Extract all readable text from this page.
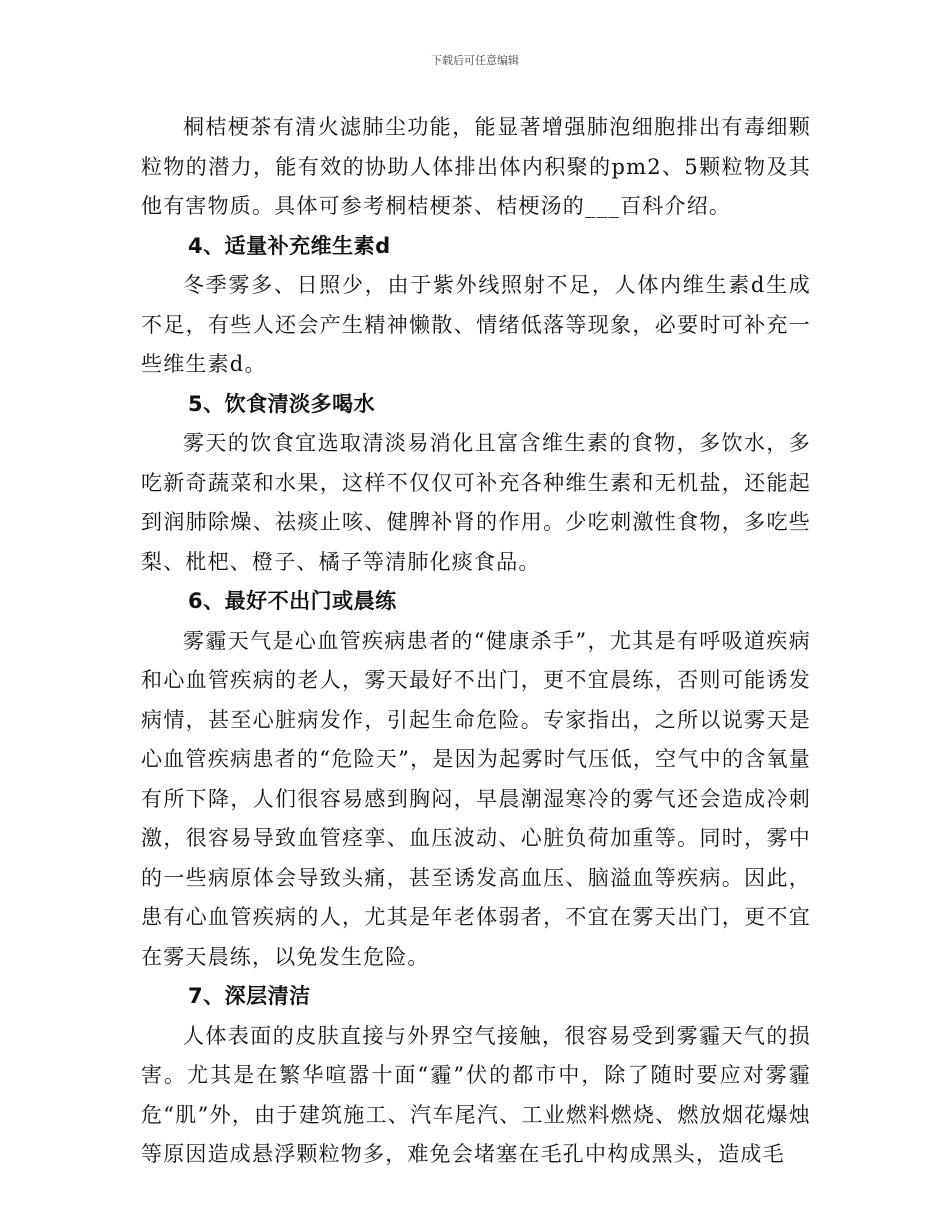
下载后可任意编辑

桐桔梗茶有清火滤肺尘功能，能显著增强肺泡细胞排出有毒细颗粒物的潜力，能有效的协助人体排出体内积聚的pm2、5颗粒物及其他有害物质。具体可参考桐桔梗茶、桔梗汤的___百科介绍。

4、适量补充维生素d

冬季雾多、日照少，由于紫外线照射不足，人体内维生素d生成不足，有些人还会产生精神懒散、情绪低落等现象，必要时可补充一些维生素d。

5、饮食清淡多喝水

雾天的饮食宜选取清淡易消化且富含维生素的食物，多饮水，多吃新奇蔬菜和水果，这样不仅仅可补充各种维生素和无机盐，还能起到润肺除燥、祛痰止咳、健脾补肾的作用。少吃刺激性食物，多吃些梨、枇杷、橙子、橘子等清肺化痰食品。

6、最好不出门或晨练

雾霾天气是心血管疾病患者的“健康杀手”，尤其是有呼吸道疾病和心血管疾病的老人，雾天最好不出门，更不宜晨练，否则可能诱发病情，甚至心脏病发作，引起生命危险。专家指出，之所以说雾天是心血管疾病患者的“危险天”，是因为起雾时气压低，空气中的含氧量有所下降，人们很容易感到胸闷，早晨潮湿寒冷的雾气还会造成冷刺激，很容易导致血管痉挛、血压波动、心脏负荷加重等。同时，雾中的一些病原体会导致头痛，甚至诱发高血压、脑溢血等疾病。因此，患有心血管疾病的人，尤其是年老体弱者，不宜在雾天出门，更不宜在雾天晨练，以免发生危险。

7、深层清洁

人体表面的皮肤直接与外界空气接触，很容易受到雾霾天气的损害。尤其是在繁华喧嚣十面“霾”伏的都市中，除了随时要应对雾霾危“肌”外，由于建筑施工、汽车尾汽、工业燃料燃烧、燃放烟花爆烛等原因造成悬浮颗粒物多，难免会堵塞在毛孔中构成黑头，造成毛
